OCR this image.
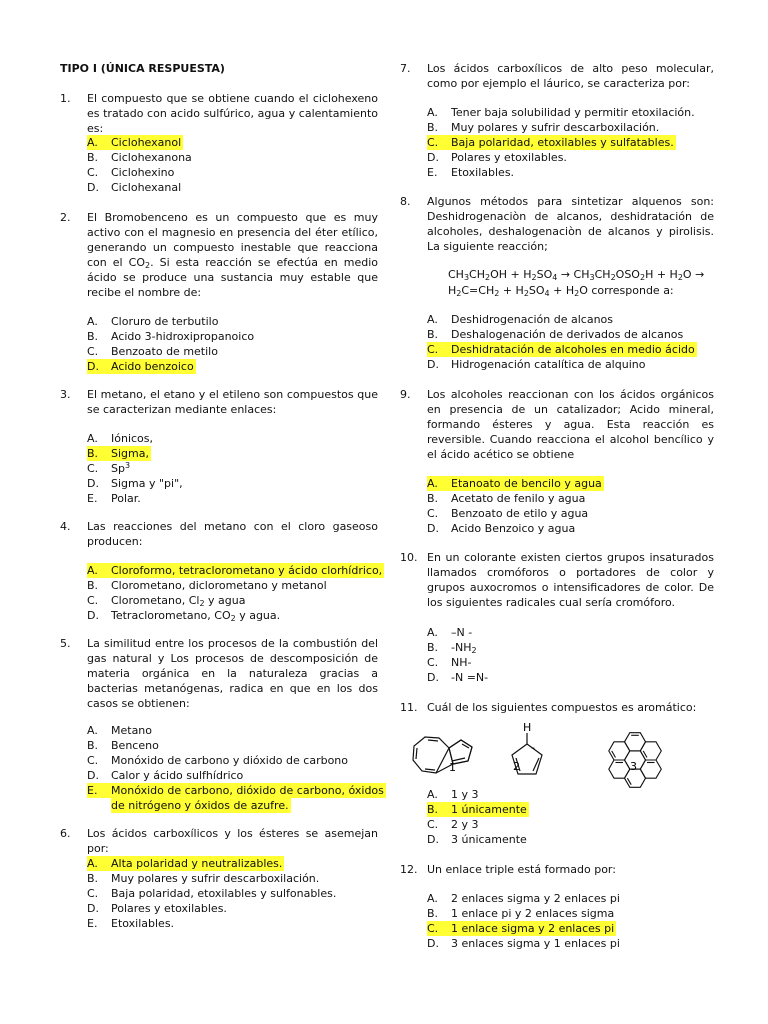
TIPO I (ÚNICA RESPUESTA)
1. El compuesto que se obtiene cuando el ciclohexeno es tratado con acido sulfúrico, agua y calentamiento es:
A.	Ciclohexanol
B.	Ciclohexanona
C.	Ciclohexino
D.	Ciclohexanal
2. El Bromobenceno es un compuesto que es muy activo con el magnesio en presencia del éter etílico, generando un compuesto inestable que reacciona con el $CO_2$. Si esta reacción se efectúa en medio ácido se produce una sustancia muy estable que recibe el nombre de:
A.	Cloruro de terbutilo
B.	Acido 3-hidroxipropanoico
C.	Benzoato de metilo
D.	Acido benzoico
3. El metano, el etano y el etileno son compuestos que se caracterizan mediante enlaces:
A.	Iónicos,
B.	Sigma,
C.	Sp$^3$
D.	Sigma y "pi",
E.	Polar.
4. Las reacciones del metano con el cloro gaseoso producen:
A.	Cloroformo, tetraclorometano y ácido clorhídrico,
B.	Clorometano, diclorometano y metanol
C.	Clorometano, $Cl_2$ y agua
D.	Tetraclorometano, $CO_2$ y agua.
5. La similitud entre los procesos de la combustión del gas natural y Los procesos de descomposición de materia orgánica en la naturaleza gracias a bacterias metanógenas, radica en que en los dos casos se obtienen:
A.	Metano
B.	Benceno
C.	Monóxido de carbono y dióxido de carbono
D.	Calor y ácido sulfhídrico
E.	Monóxido de carbono, dióxido de carbono, óxidos
de nitrógeno y óxidos de azufre.
6. Los ácidos carboxílicos y los ésteres se asemejan por:
A.	Alta polaridad y neutralizables.
B.	Muy polares y sufrir descarboxilación.
C.	Baja polaridad, etoxilables y sulfonables.
D.	Polares y etoxilables.
E.	Etoxilables.
7. Los ácidos carboxílicos de alto peso molecular, como por ejemplo el láurico, se caracteriza por:
A.	Tener baja solubilidad y permitir etoxilación.
B.	Muy polares y sufrir descarboxilación.
C.	Baja polaridad, etoxilables y sulfatables.
D.	Polares y etoxilables.
E.	Etoxilables.
8. Algunos métodos para sintetizar alquenos son: Deshidrogenaciòn de alcanos, deshidratación de alcoholes, deshalogenaciòn de alcanos y pirolisis. La siguiente reacción;
$CH_3CH_2OH + H_2SO_4 \to CH_3CH_2OSO_2H + H_2O$ →
$H_2C=CH_2 + H_2SO_4 + H_2O$ corresponde a:
A.	Deshidrogenación de alcanos
B.	Deshalogenación de derivados de alcanos
C.	Deshidratación de alcoholes en medio ácido
D.	Hidrogenación catalítica de alquino
9. Los alcoholes reaccionan con los ácidos orgánicos en presencia de un catalizador; Acido mineral, formando ésteres y agua. Esta reacción es reversible. Cuando reacciona el alcohol bencílico y el ácido acético se obtiene
A.	Etanoato de bencilo y agua
B.	Acetato de fenilo y agua
C.	Benzoato de etilo y agua
D.	Acido Benzoico y agua
10. En un colorante existen ciertos grupos insaturados llamados cromóforos o portadores de color y grupos auxocromos o intensificadores de color. De los siguientes radicales cual sería cromóforo.
A.	–N -
B.	$-NH_2$
C.	NH-
D.	-N =N-
11. Cuál de los siguientes compuestos es aromático:
A.	1 y 3
B.	1 únicamente
C.	2 y 3
D.	3 únicamente
12. Un enlace triple está formado por:
A.	2 enlaces sigma y 2 enlaces pi
B.	1 enlace pi y 2 enlaces sigma
C.	1 enlace sigma y 2 enlaces pi
D.	3 enlaces sigma y 1 enlaces pi
1
H
-
2	3
